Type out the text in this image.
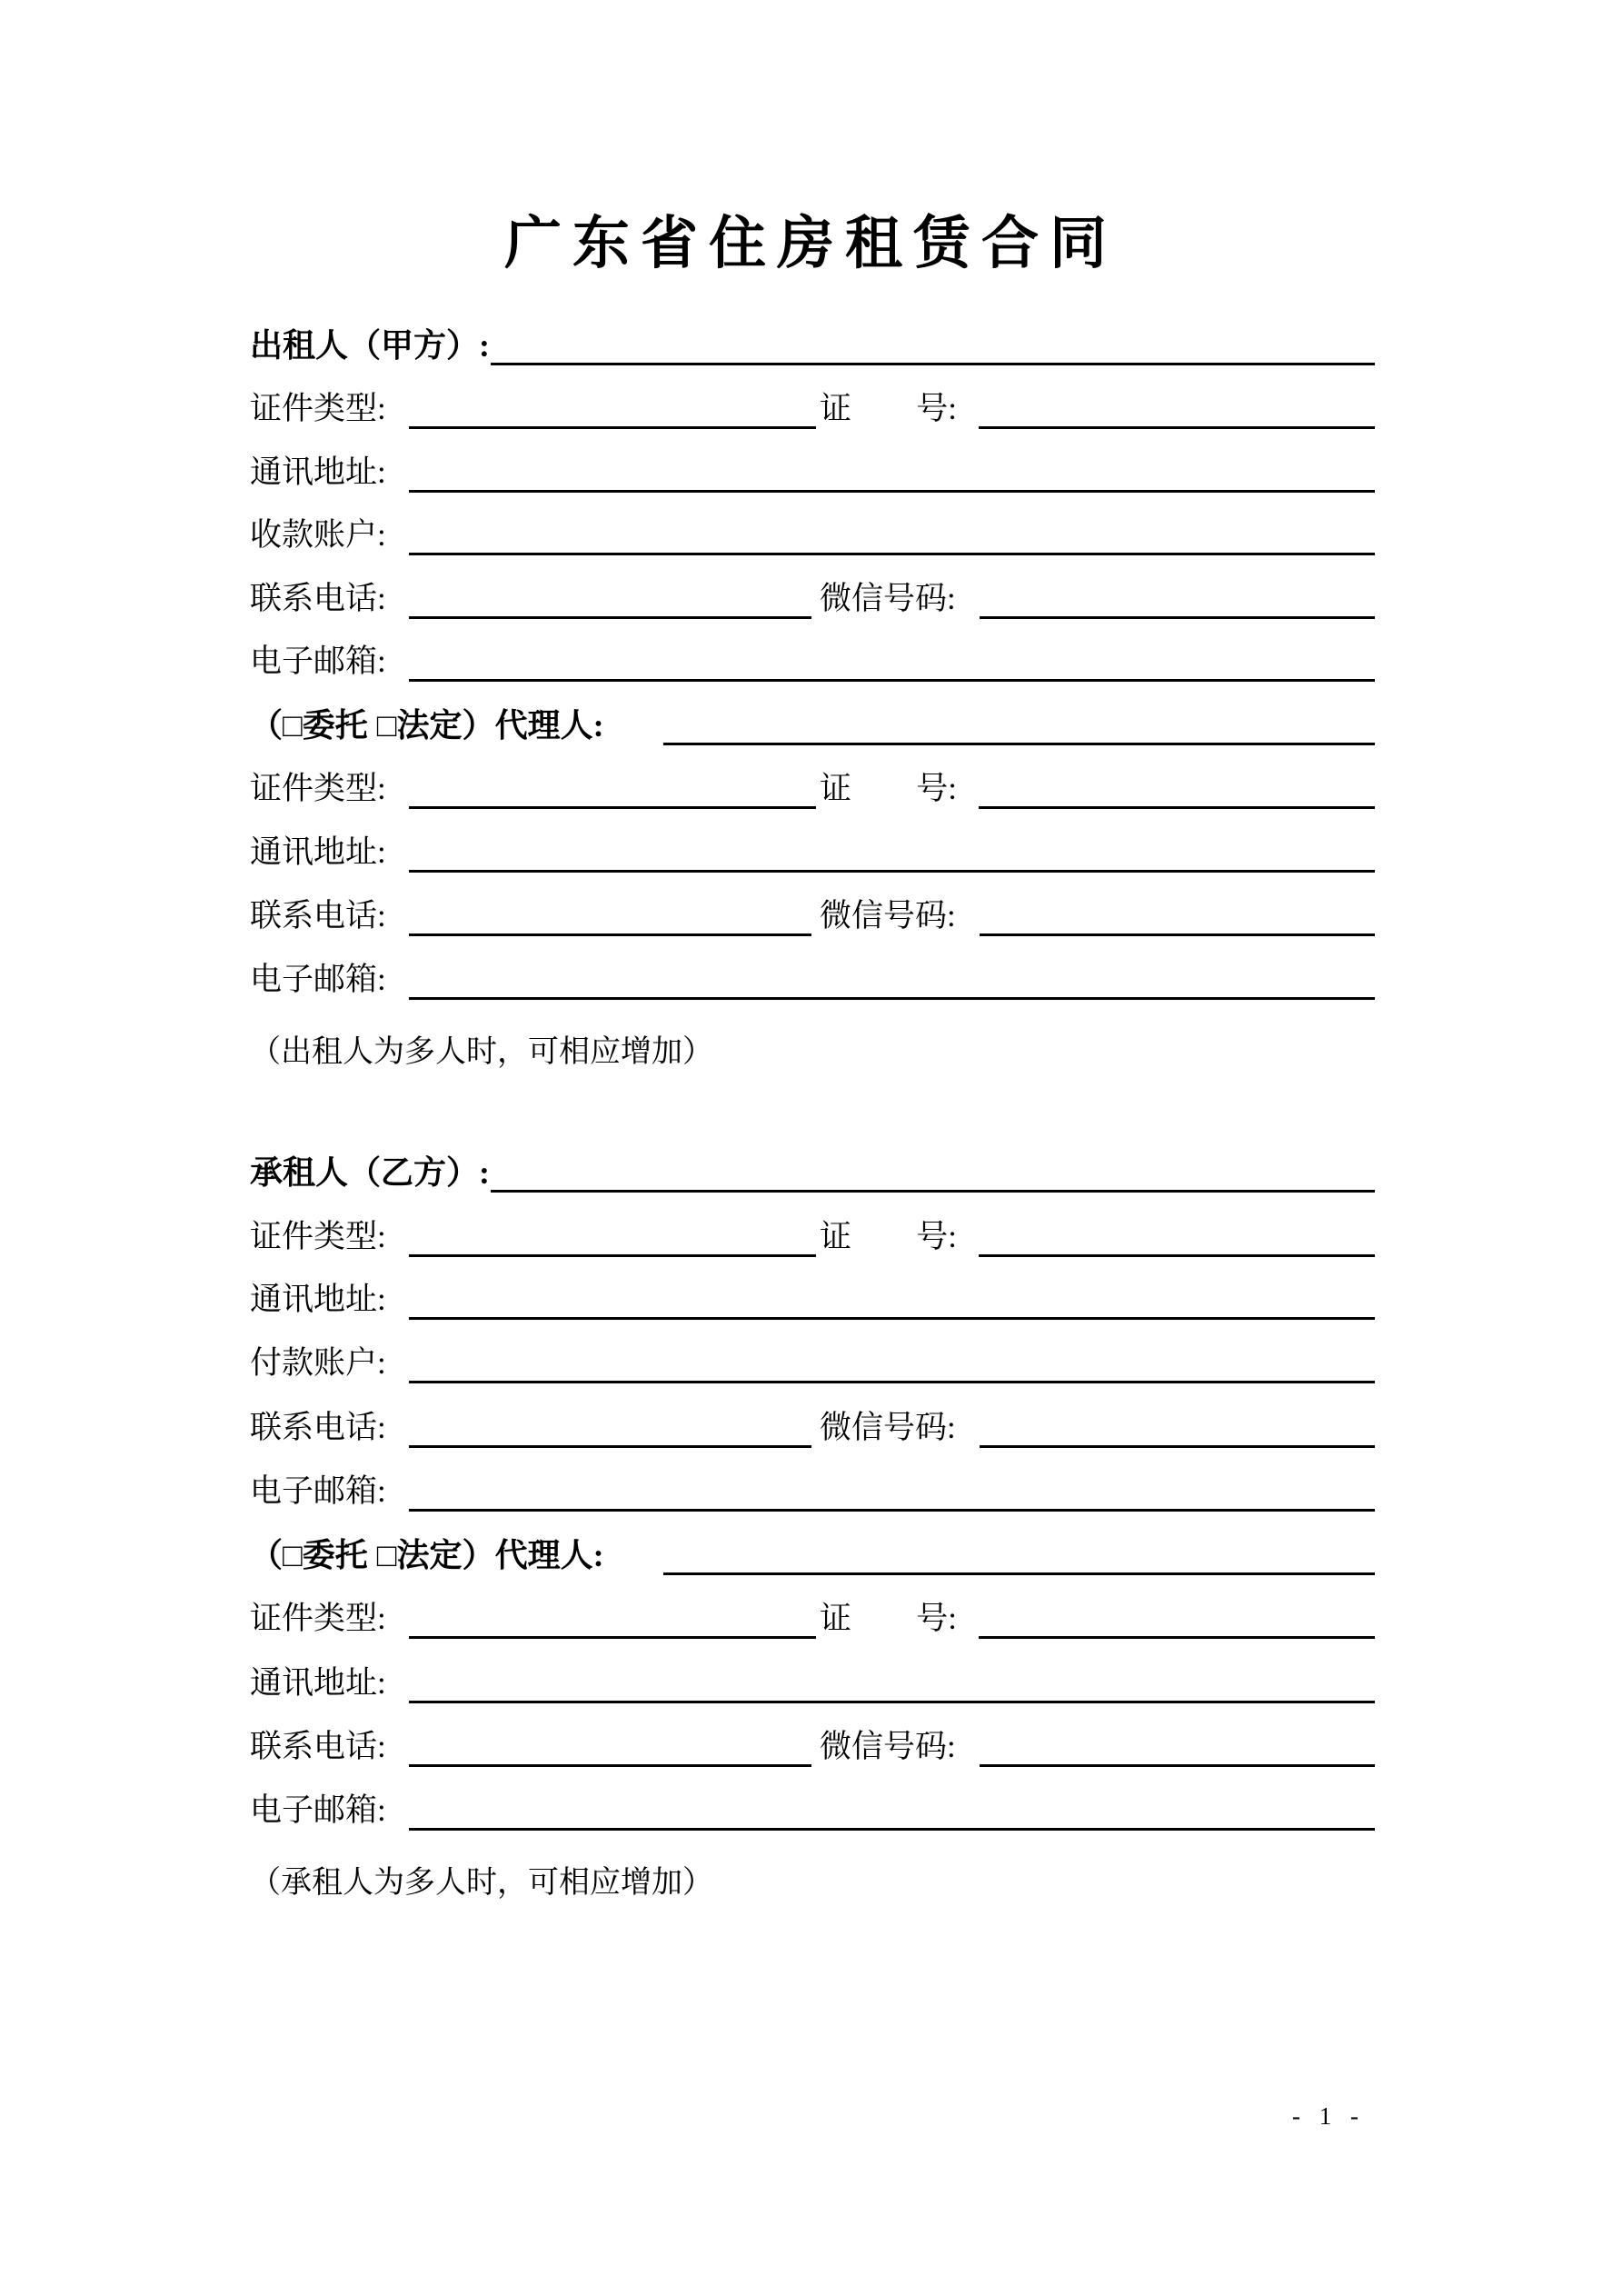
广东省住房租赁合同
出租人（甲方）:
证件类型:	证 号:
通讯地址:
收款账户:
联系电话:	微信号码:
电子邮箱:
（□委托 □法定）代理人:
证件类型:	证 号:
通讯地址:
联系电话:	微信号码:
电子邮箱:
（出租人为多人时，可相应增加）
承租人（乙方）:
证件类型:	证 号:
通讯地址:
付款账户:
联系电话:	微信号码:
电子邮箱:
（□委托 □法定）代理人:
证件类型:	证 号:
通讯地址:
联系电话:	微信号码:
电子邮箱:
（承租人为多人时，可相应增加）
- 1 -
